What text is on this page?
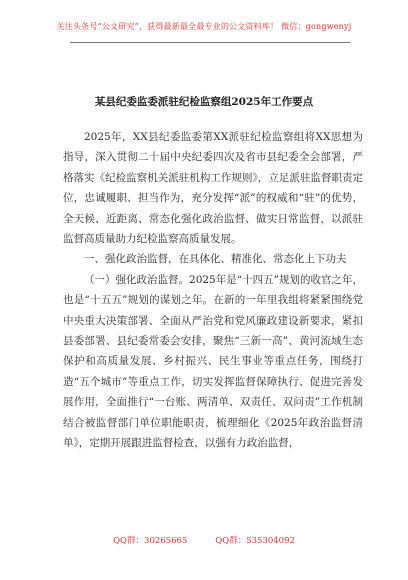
关注头条号“公文研究”，获得最新最全最专业的公文资料库！ 微信：gongwenyj
某县纪委监委派驻纪检监察组2025年工作要点

2025年，XX县纪委监委第XX派驻纪检监察组将XX思想为指导，深入贯彻二十届中央纪委四次及省市县纪委全会部署，严格落实《纪检监察机关派驻机构工作规则》，立足派驻监督职责定位，忠诚履职、担当作为，充分发挥“派”的权威和“驻”的优势，全天候、近距离、常态化强化政治监督、做实日常监督，以派驻监督高质量助力纪检监察高质量发展。

一、强化政治监督，在具体化、精准化、常态化上下功夫

（一）强化政治监督。2025年是“十四五”规划的收官之年，也是“十五五”规划的谋划之年。在新的一年里我组将紧紧围绕党中央重大决策部署、全面从严治党和党风廉政建设新要求，紧扣县委部署、县纪委常委会安排，聚焦“三新一高”、黄河流域生态保护和高质量发展、乡村振兴、民生事业等重点任务，围绕打造“五个城市”等重点工作，切实发挥监督保障执行、促进完善发展作用，全面推行“一台账、两清单、双责任、双问责”工作机制结合被监督部门单位职能职责，梳理细化《2025年政治监督清单》，定期开展跟进监督检查，以强有力政治监督，

QQ群：30265665	QQ群：535304092
